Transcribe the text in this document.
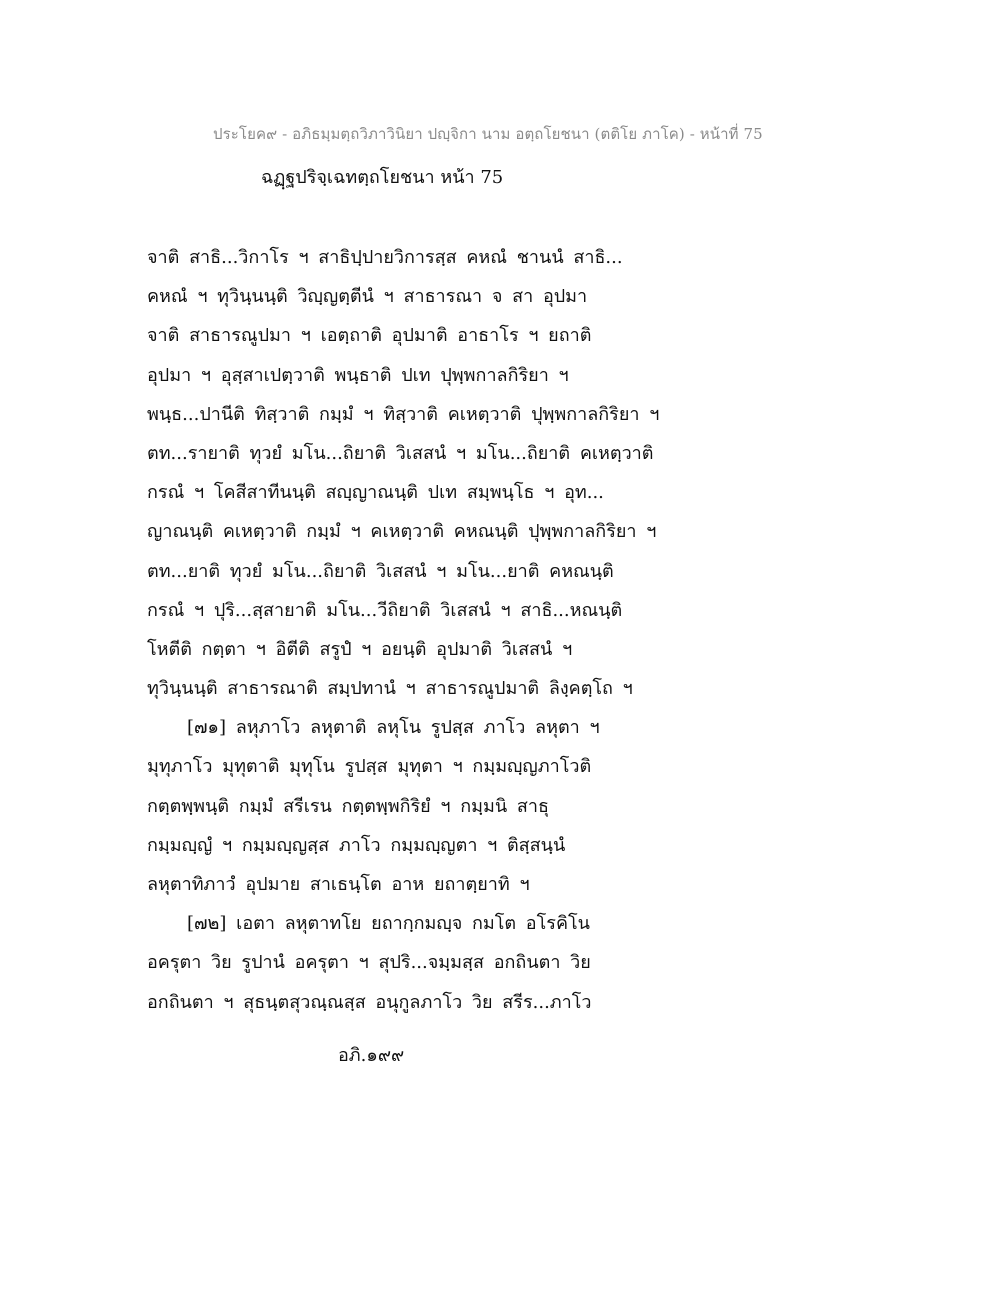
ประโยค๙ - อภิธมฺมตฺถวิภาวินิยา ปญฺจิกา นาม อตฺถโยชนา (ตติโย ภาโค) - หน้าที่ 75
ฉฏฺฐปริจฺเฉทตฺถโยชนา หน้า 75
จาติ สาธิ...วิกาโร ฯ สาธิปฺปายวิการสฺส คหณํ ชานนํ สาธิ...
คหณํ ฯ ทุวินฺนนฺติ วิญฺญตฺตีนํ ฯ สาธารณา จ สา อุปมา
จาติ สาธารณูปมา ฯ เอตฺถาติ อุปมาติ อาธาโร ฯ ยถาติ
อุปมา ฯ อุสฺสาเปตฺวาติ พนฺธาติ ปเท ปุพฺพกาลกิริยา ฯ
พนฺธ...ปานีติ ทิสฺวาติ กมฺมํ ฯ ทิสฺวาติ คเหตฺวาติ ปุพฺพกาลกิริยา ฯ
ตท...รายาติ ทุวยํ มโน...ถิยาติ วิเสสนํ ฯ มโน...ถิยาติ คเหตฺวาติ
กรณํ ฯ โคสีสาทีนนฺติ สญฺญาณนฺติ ปเท สมฺพนฺโธ ฯ อุท...
ญาณนฺติ คเหตฺวาติ กมฺมํ ฯ คเหตฺวาติ คหณนฺติ ปุพฺพกาลกิริยา ฯ
ตท...ยาติ ทุวยํ มโน...ถิยาติ วิเสสนํ ฯ มโน...ยาติ คหณนฺติ
กรณํ ฯ ปุริ...สฺสายาติ มโน...วีถิยาติ วิเสสนํ ฯ สาธิ...หณนฺติ
โหตีติ กตฺตา ฯ อิตีติ สรูปํ ฯ อยนฺติ อุปมาติ วิเสสนํ ฯ
ทุวินฺนนฺติ สาธารณาติ สมฺปทานํ ฯ สาธารณูปมาติ ลิงฺคตฺโถ ฯ
[๗๑] ลหุภาโว ลหุตาติ ลหุโน รูปสฺส ภาโว ลหุตา ฯ
มุทุภาโว มุทุตาติ มุทุโน รูปสฺส มุทุตา ฯ กมฺมญฺญภาโวติ
กตฺตพฺพนฺติ กมฺมํ สรีเรน กตฺตพฺพกิริยํ ฯ กมฺมนิ สาธุ
กมฺมญฺญํ ฯ กมฺมญฺญสฺส ภาโว กมฺมญฺญตา ฯ ติสฺสนฺนํ
ลหุตาทิภาวํ อุปมาย สาเธนฺโต อาห ยถาตฺยาทิ ฯ
[๗๒] เอตา ลหุตาทโย ยถากฺกมญฺจ กมโต อโรคิโน
อครุตา วิย รูปานํ อครุตา ฯ สุปริ...จมฺมสฺส อกถินตา วิย
อกถินตา ฯ สุธนฺตสุวณฺณสฺส อนุกูลภาโว วิย สรีร...ภาโว
อภิ.๑๙๙
